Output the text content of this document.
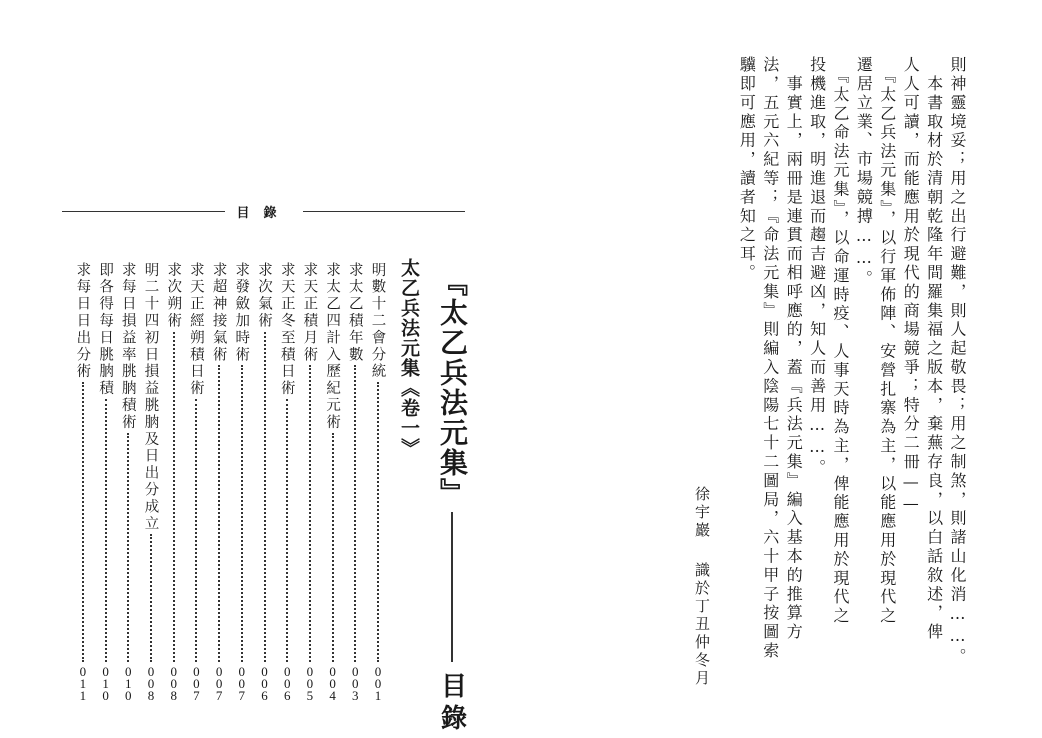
目錄
『太乙兵法元集』
目錄
太乙兵法元集《卷一》
明數十二會分統
001
求太乙積年數
003
求太乙四計入歷紀元術
004
求天正積月術
005
求天正冬至積日術
006
求次氣術
006
求發斂加時術
007
求超神接氣術
007
求天正經朔積日術
007
求次朔術
008
明二十四初日損益朓朒及日出分成立
008
求每日損益率朓朒積術
010
即各得每日朓朒積
010
求每日日出分術
011
則神靈境妥；用之出行避難，則人起敬畏；用之制煞，則諸山化消……。
　本書取材於清朝乾隆年間羅集福之版本，棄蕪存良，以白話敘述，俾
人人可讀，而能應用於現代的商場競爭；特分二冊——
　『太乙兵法元集』，以行軍佈陣、安營扎寨為主，以能應用於現代之
遷居立業、市場競搏……。
　『太乙命法元集』，以命運時疫、人事天時為主，俾能應用於現代之
投機進取，明進退而趨吉避凶，知人而善用……。
　事實上，兩冊是連貫而相呼應的，蓋『兵法元集』編入基本的推算方
法，五元六紀等；『命法元集』則編入陰陽七十二圖局，六十甲子按圖索
驥即可應用，讀者知之耳。
徐宇巖識於丁丑仲冬月
